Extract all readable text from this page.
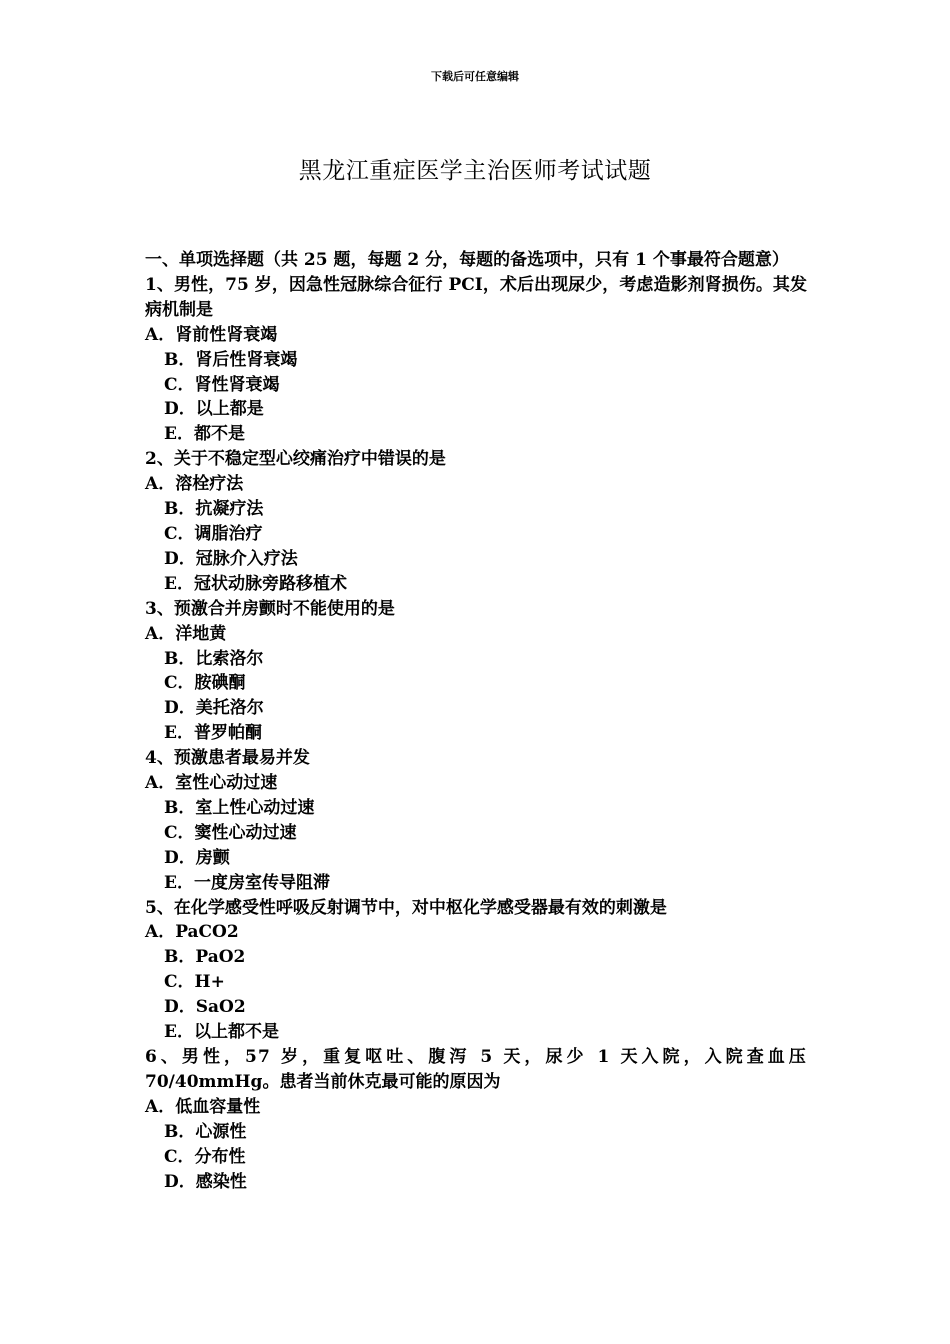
下载后可任意编辑
黑龙江重症医学主治医师考试试题

一、单项选择题（共 25 题，每题 2 分，每题的备选项中，只有 1 个事最符合题意）

1、男性，75 岁，因急性冠脉综合征行 PCI，术后出现尿少，考虑造影剂肾损伤。其发病机制是

A．肾前性肾衰竭

B．肾后性肾衰竭

C．肾性肾衰竭

D．以上都是

E．都不是

2、关于不稳定型心绞痛治疗中错误的是

A．溶栓疗法

B．抗凝疗法

C．调脂治疗

D．冠脉介入疗法

E．冠状动脉旁路移植术

3、预激合并房颤时不能使用的是

A．洋地黄

B．比索洛尔

C．胺碘酮

D．美托洛尔

E．普罗帕酮

4、预激患者最易并发

A．室性心动过速

B．室上性心动过速

C．窦性心动过速

D．房颤

E．一度房室传导阻滞

5、在化学感受性呼吸反射调节中，对中枢化学感受器最有效的刺激是

A．PaCO2

B．PaO2

C．H+

D．SaO2

E．以上都不是

6、男性，57 岁，重复呕吐、腹泻 5 天，尿少 1 天入院，入院查血压
70/40mmHg。患者当前休克最可能的原因为

A．低血容量性

B．心源性

C．分布性

D．感染性
